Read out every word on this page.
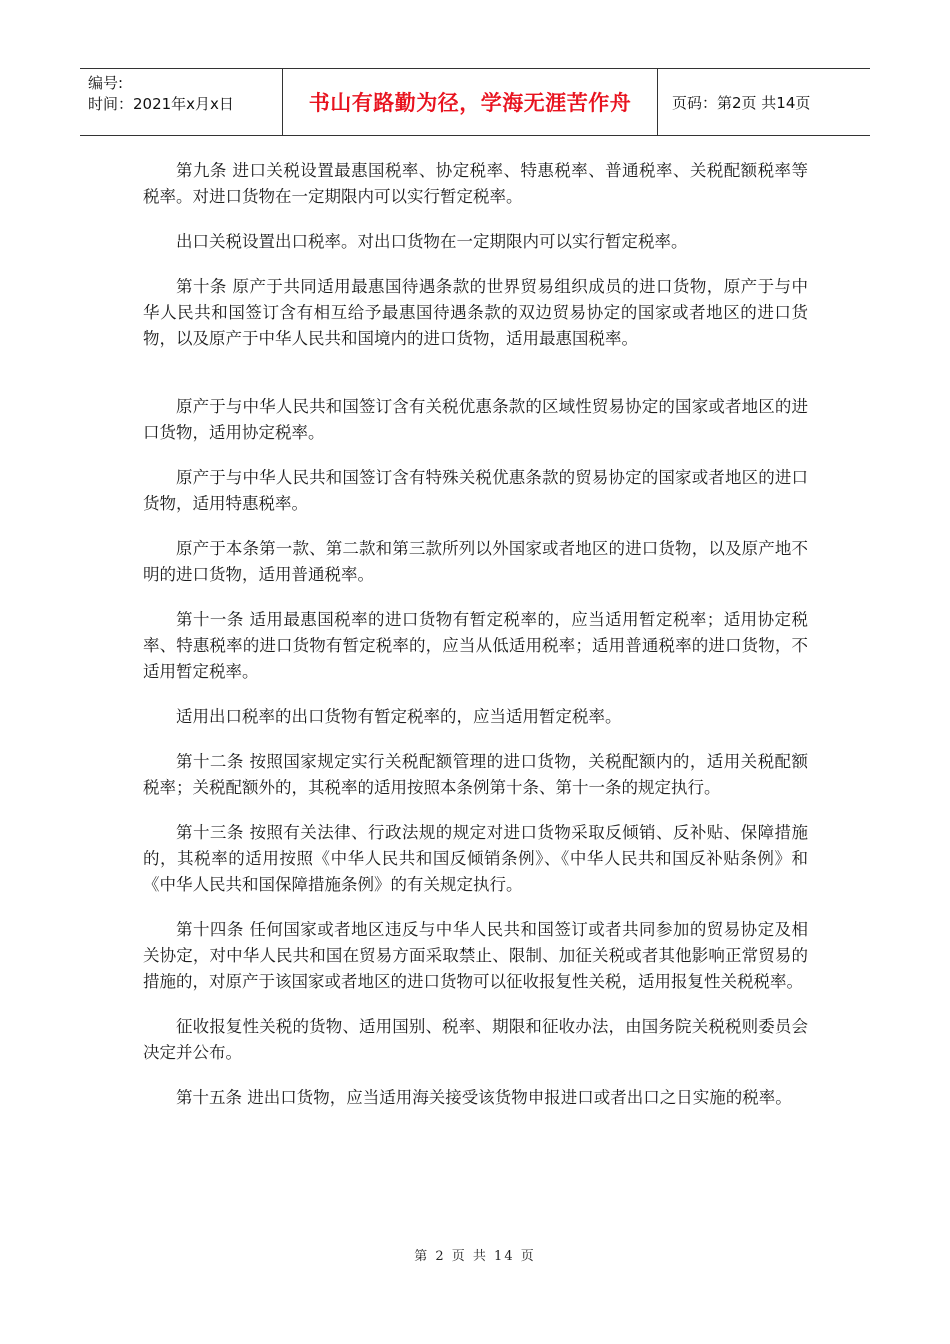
编号:
时间：2021年x月x日	书山有路勤为径，学海无涯苦作舟	页码：第2页 共14页

第九条 进口关税设置最惠国税率、协定税率、特惠税率、普通税率、关税配额税率等税率。对进口货物在一定期限内可以实行暂定税率。

出口关税设置出口税率。对出口货物在一定期限内可以实行暂定税率。

第十条 原产于共同适用最惠国待遇条款的世界贸易组织成员的进口货物，原产于与中华人民共和国签订含有相互给予最惠国待遇条款的双边贸易协定的国家或者地区的进口货物，以及原产于中华人民共和国境内的进口货物，适用最惠国税率。

原产于与中华人民共和国签订含有关税优惠条款的区域性贸易协定的国家或者地区的进口货物，适用协定税率。

原产于与中华人民共和国签订含有特殊关税优惠条款的贸易协定的国家或者地区的进口货物，适用特惠税率。

原产于本条第一款、第二款和第三款所列以外国家或者地区的进口货物，以及原产地不明的进口货物，适用普通税率。

第十一条 适用最惠国税率的进口货物有暂定税率的，应当适用暂定税率；适用协定税率、特惠税率的进口货物有暂定税率的，应当从低适用税率；适用普通税率的进口货物，不适用暂定税率。

适用出口税率的出口货物有暂定税率的，应当适用暂定税率。

第十二条 按照国家规定实行关税配额管理的进口货物，关税配额内的，适用关税配额税率；关税配额外的，其税率的适用按照本条例第十条、第十一条的规定执行。

第十三条 按照有关法律、行政法规的规定对进口货物采取反倾销、反补贴、保障措施的，其税率的适用按照《中华人民共和国反倾销条例》、《中华人民共和国反补贴条例》和《中华人民共和国保障措施条例》的有关规定执行。

第十四条 任何国家或者地区违反与中华人民共和国签订或者共同参加的贸易协定及相关协定，对中华人民共和国在贸易方面采取禁止、限制、加征关税或者其他影响正常贸易的措施的，对原产于该国家或者地区的进口货物可以征收报复性关税，适用报复性关税税率。

征收报复性关税的货物、适用国别、税率、期限和征收办法，由国务院关税税则委员会决定并公布。

第十五条 进出口货物，应当适用海关接受该货物申报进口或者出口之日实施的税率。

第 2 页 共 14 页
